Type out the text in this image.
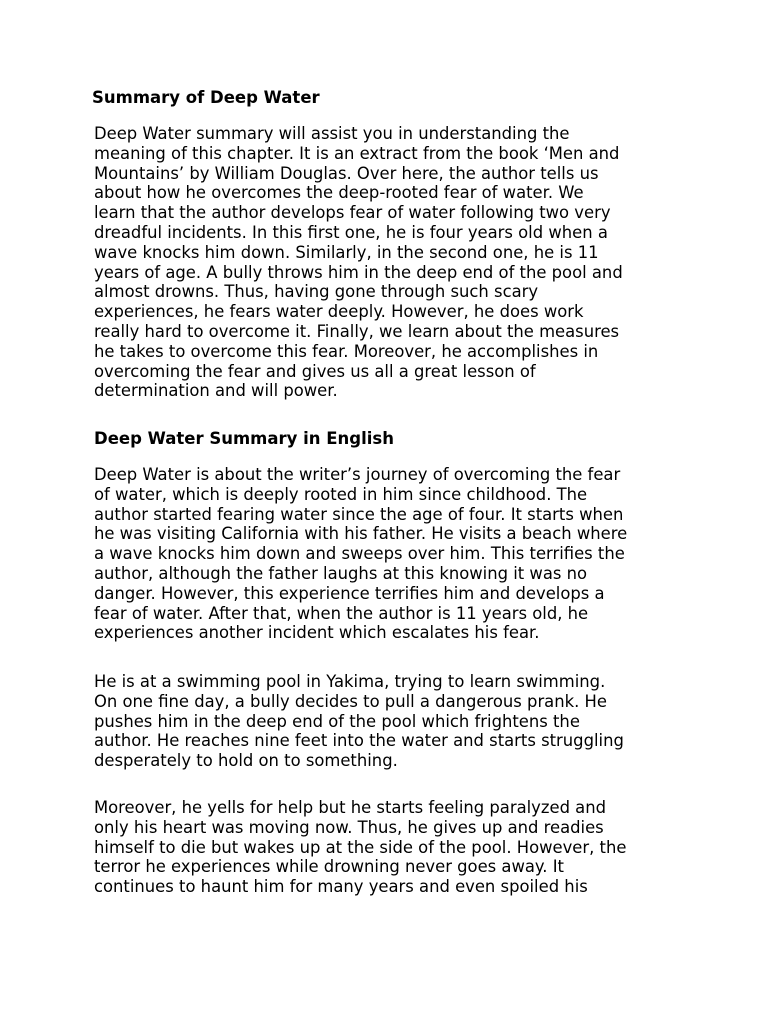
Summary of Deep Water
Deep Water summary will assist you in understanding the
meaning of this chapter. It is an extract from the book ‘Men and
Mountains’ by William Douglas. Over here, the author tells us
about how he overcomes the deep-rooted fear of water. We
learn that the author develops fear of water following two very
dreadful incidents. In this first one, he is four years old when a
wave knocks him down. Similarly, in the second one, he is 11
years of age. A bully throws him in the deep end of the pool and
almost drowns. Thus, having gone through such scary
experiences, he fears water deeply. However, he does work
really hard to overcome it. Finally, we learn about the measures
he takes to overcome this fear. Moreover, he accomplishes in
overcoming the fear and gives us all a great lesson of
determination and will power.
Deep Water Summary in English
Deep Water is about the writer’s journey of overcoming the fear
of water, which is deeply rooted in him since childhood. The
author started fearing water since the age of four. It starts when
he was visiting California with his father. He visits a beach where
a wave knocks him down and sweeps over him. This terrifies the
author, although the father laughs at this knowing it was no
danger. However, this experience terrifies him and develops a
fear of water. After that, when the author is 11 years old, he
experiences another incident which escalates his fear.
He is at a swimming pool in Yakima, trying to learn swimming.
On one fine day, a bully decides to pull a dangerous prank. He
pushes him in the deep end of the pool which frightens the
author. He reaches nine feet into the water and starts struggling
desperately to hold on to something.
Moreover, he yells for help but he starts feeling paralyzed and
only his heart was moving now. Thus, he gives up and readies
himself to die but wakes up at the side of the pool. However, the
terror he experiences while drowning never goes away. It
continues to haunt him for many years and even spoiled his
